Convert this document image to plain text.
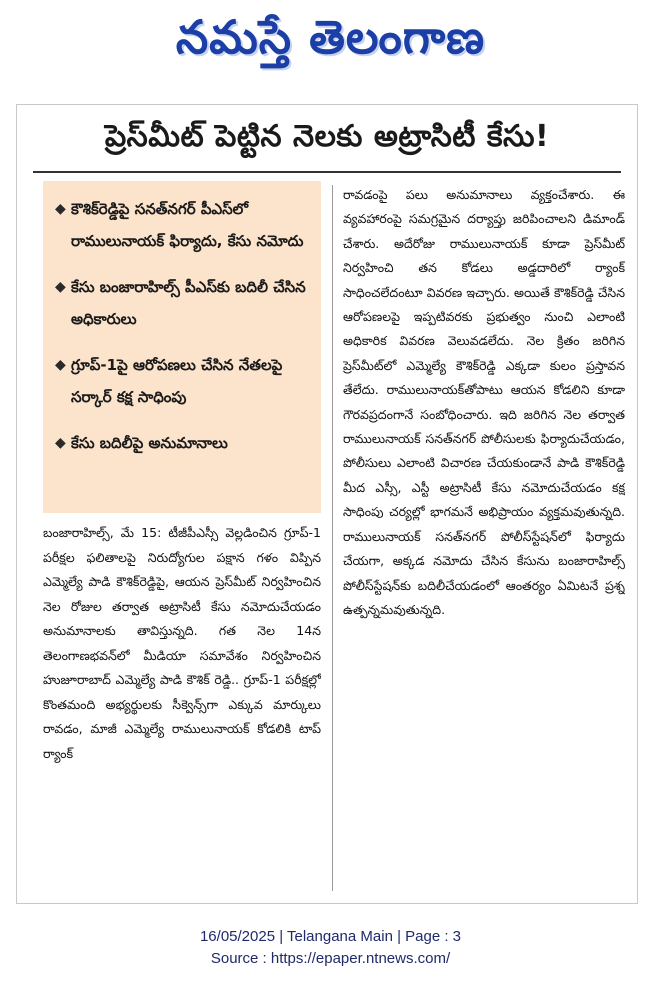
నమస్తే తెలంగాణ
ప్రెస్‌మీట్ పెట్టిన నెలకు అట్రాసిటీ కేసు!
◆ కౌశిక్‌రెడ్డిపై సనత్‌నగర్ పీఎస్‌లో రాములునాయక్ ఫిర్యాదు, కేసు నమోదు
◆ కేసు బంజారాహిల్స్ పీఎస్‌కు బదిలీ చేసిన అధికారులు
◆ గ్రూప్-1పై ఆరోపణలు చేసిన నేతలపై సర్కార్ కక్ష సాధింపు
◆ కేసు బదిలీపై అనుమానాలు
బంజారాహిల్స్, మే 15: టీజీపీఎస్సీ వెల్లడించిన గ్రూప్-1 పరీక్షల ఫలితాలపై నిరుద్యోగుల పక్షాన గళం విప్పిన ఎమ్మెల్యే పాడి కౌశిక్‌రెడ్డిపై, ఆయన ప్రెస్‌మీట్ నిర్వహించిన నెల రోజుల తర్వాత అట్రాసిటీ కేసు నమోదుచేయడం అనుమానాలకు తావిస్తున్నది. గత నెల 14న తెలంగాణభవన్‌లో మీడియా సమావేశం నిర్వహించిన హుజూరాబాద్ ఎమ్మెల్యే పాడి కౌశిక్ రెడ్డి.. గ్రూప్-1 పరీక్షల్లో కొంతమంది అభ్యర్థులకు సీక్వెన్స్‌గా ఎక్కువ మార్కులు రావడం, మాజీ ఎమ్మెల్యే రాములునాయక్ కోడలికి టాప్ ర్యాంక్
రావడంపై పలు అనుమానాలు వ్యక్తంచేశారు. ఈ వ్యవహారంపై సమగ్రమైన దర్యాప్తు జరిపించాలని డిమాండ్ చేశారు. అదేరోజు రాములునాయక్ కూడా ప్రెస్‌మీట్ నిర్వహించి తన కోడలు అడ్డదారిలో ర్యాంక్ సాధించలేదంటూ వివరణ ఇచ్చారు. అయితే కౌశిక్‌రెడ్డి చేసిన ఆరోపణలపై ఇప్పటివరకు ప్రభుత్వం నుంచి ఎలాంటి అధికారిక వివరణ వెలువడలేదు. నెల క్రితం జరిగిన ప్రెస్‌మీట్‌లో ఎమ్మెల్యే కౌశిక్‌రెడ్డి ఎక్కడా కులం ప్రస్తావన తేలేదు. రాములునాయక్‌తోపాటు ఆయన కోడలిని కూడా గౌరవప్రదంగానే సంబోధించారు. ఇది జరిగిన నెల తర్వాత రాములునాయక్ సనత్‌నగర్ పోలీసులకు ఫిర్యాదుచేయడం, పోలీసులు ఎలాంటి విచారణ చేయకుండానే పాడి కౌశిక్‌రెడ్డి మీద ఎస్సీ, ఎస్టీ అట్రాసిటీ కేసు నమోదుచేయడం కక్ష సాధింపు చర్యల్లో భాగమనే అభిప్రాయం వ్యక్తమవుతున్నది. రాములునాయక్ సనత్‌నగర్ పోలీస్‌స్టేషన్‌లో ఫిర్యాదు చేయగా, అక్కడ నమోదు చేసిన కేసును బంజారాహిల్స్ పోలీస్‌స్టేషన్‌కు బదిలీచేయడంలో ఆంతర్యం ఏమిటనే ప్రశ్న ఉత్పన్నమవుతున్నది.
16/05/2025 | Telangana Main | Page : 3
Source : https://epaper.ntnews.com/
